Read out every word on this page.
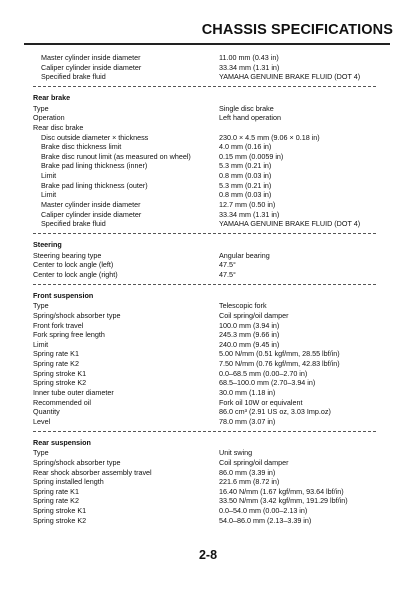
CHASSIS SPECIFICATIONS
Master cylinder inside diameter	11.00 mm (0.43 in)
Caliper cylinder inside diameter	33.34 mm (1.31 in)
Specified brake fluid	YAMAHA GENUINE BRAKE FLUID (DOT 4)
Rear brake
Type	Single disc brake
Operation	Left hand operation
Rear disc brake
Disc outside diameter × thickness	230.0 × 4.5 mm (9.06 × 0.18 in)
Brake disc thickness limit	4.0 mm (0.16 in)
Brake disc runout limit (as measured on wheel)	0.15 mm (0.0059 in)
Brake pad lining thickness (inner)	5.3 mm (0.21 in)
Limit	0.8 mm (0.03 in)
Brake pad lining thickness (outer)	5.3 mm (0.21 in)
Limit	0.8 mm (0.03 in)
Master cylinder inside diameter	12.7 mm (0.50 in)
Caliper cylinder inside diameter	33.34 mm (1.31 in)
Specified brake fluid	YAMAHA GENUINE BRAKE FLUID (DOT 4)
Steering
Steering bearing type	Angular bearing
Center to lock angle (left)	47.5°
Center to lock angle (right)	47.5°
Front suspension
Type	Telescopic fork
Spring/shock absorber type	Coil spring/oil damper
Front fork travel	100.0 mm (3.94 in)
Fork spring free length	245.3 mm (9.66 in)
Limit	240.0 mm (9.45 in)
Spring rate K1	5.00 N/mm (0.51 kgf/mm, 28.55 lbf/in)
Spring rate K2	7.50 N/mm (0.76 kgf/mm, 42.83 lbf/in)
Spring stroke K1	0.0–68.5 mm (0.00–2.70 in)
Spring stroke K2	68.5–100.0 mm (2.70–3.94 in)
Inner tube outer diameter	30.0 mm (1.18 in)
Recommended oil	Fork oil 10W or equivalent
Quantity	86.0 cm³ (2.91 US oz, 3.03 Imp.oz)
Level	78.0 mm (3.07 in)
Rear suspension
Type	Unit swing
Spring/shock absorber type	Coil spring/oil damper
Rear shock absorber assembly travel	86.0 mm (3.39 in)
Spring installed length	221.6 mm (8.72 in)
Spring rate K1	16.40 N/mm (1.67 kgf/mm, 93.64 lbf/in)
Spring rate K2	33.50 N/mm (3.42 kgf/mm, 191.29 lbf/in)
Spring stroke K1	0.0–54.0 mm (0.00–2.13 in)
Spring stroke K2	54.0–86.0 mm (2.13–3.39 in)
2-8
